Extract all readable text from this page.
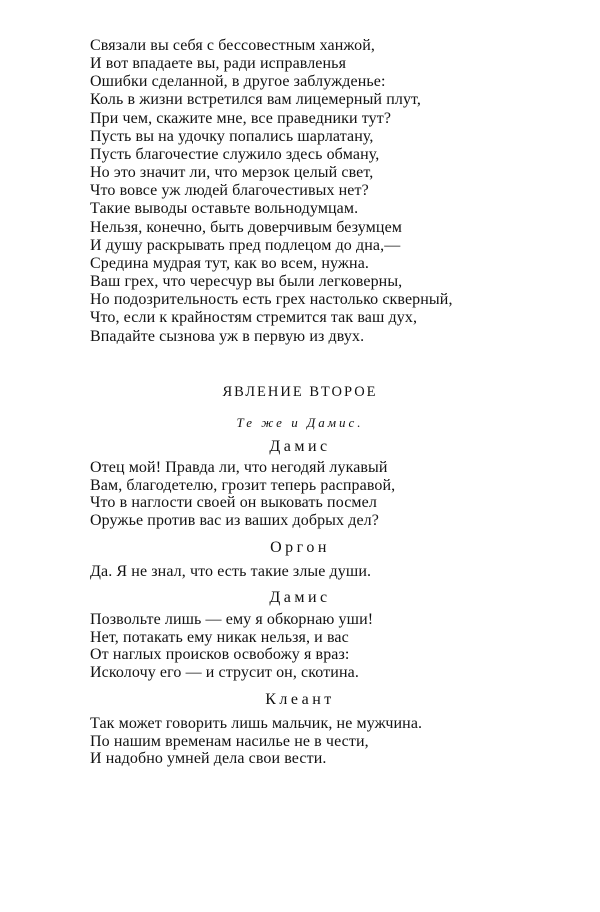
Связали вы себя с бессовестным ханжой,
И вот впадаете вы, ради исправленья
Ошибки сделанной, в другое заблужденье:
Коль в жизни встретился вам лицемерный плут,
При чем, скажите мне, все праведники тут?
Пусть вы на удочку попались шарлатану,
Пусть благочестие служило здесь обману,
Но это значит ли, что мерзок целый свет,
Что вовсе уж людей благочестивых нет?
Такие выводы оставьте вольнодумцам.
Нельзя, конечно, быть доверчивым безумцем
И душу раскрывать пред подлецом до дна,—
Средина мудрая тут, как во всем, нужна.
Ваш грех, что чересчур вы были легковерны,
Но подозрительность есть грех настолько скверный,
Что, если к крайностям стремится так ваш дух,
Впадайте сызнова уж в первую из двух.
ЯВЛЕНИЕ ВТОРОЕ
Те же и Дамис.
Дамис
Отец мой! Правда ли, что негодяй лукавый
Вам, благодетелю, грозит теперь расправой,
Что в наглости своей он выковать посмел
Оружье против вас из ваших добрых дел?
Оргон
Да. Я не знал, что есть такие злые души.
Дамис
Позвольте лишь — ему я обкорнаю уши!
Нет, потакать ему никак нельзя, и вас
От наглых происков освобожу я враз:
Исколочу его — и струсит он, скотина.
Клеант
Так может говорить лишь мальчик, не мужчина.
По нашим временам насилье не в чести,
И надобно умней дела свои вести.
